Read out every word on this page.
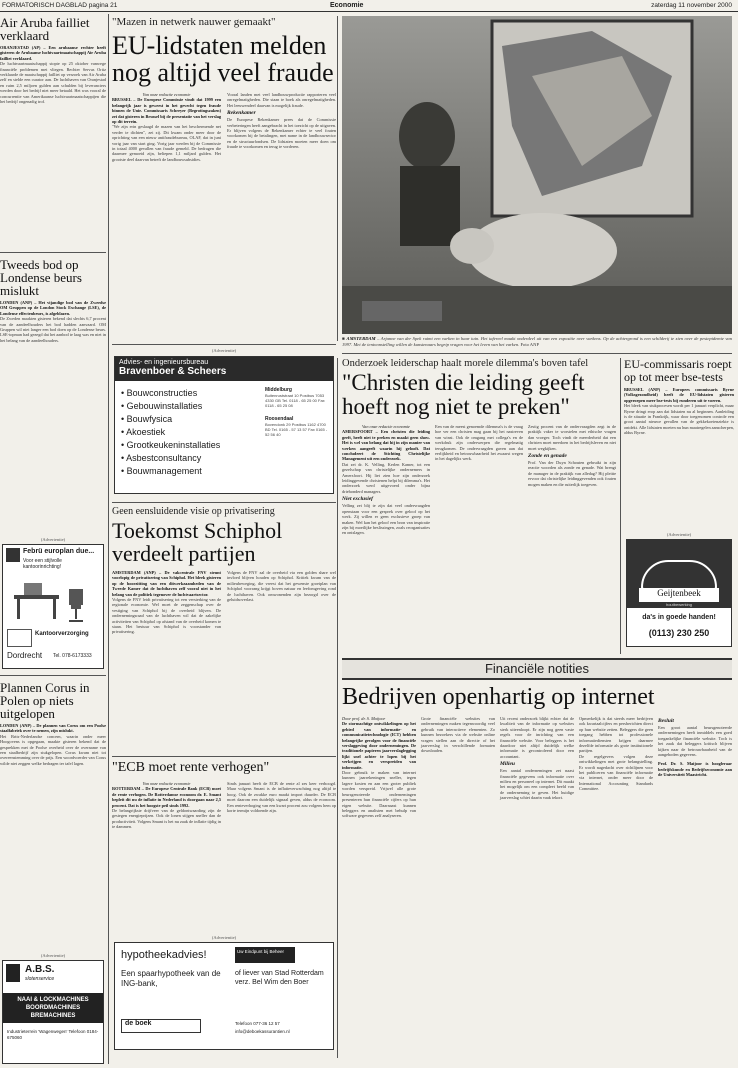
FORMATORISCH DAGBLAD pagina 21	Economie	zaterdag 11 november 2000
Air Aruba failliet verklaard
ORANJESTAD (AP) – Een arubaanse rechter heeft gisteren de Arubaanse luchtvaartmaatschappij Air Aruba failliet verklaard.
De luchtvaartmaatschappij stopte op 25 oktober vanwege financiële problemen met vliegen. Rechter Servus Ortiz verklaarde de maatschappij failliet op verzoek van Air Aruba zelf en stelde een curator aan. De luchthaven van Oranjestad en ruim 2,5 miljoen gulden aan schulden bij leveranciers werden door het bedrijf niet meer betaald. Het was vooral de concurrentie van Amerikaanse luchtvaartmaatschappijen die het bedrijf ongenadig trof.
Tweeds bod op Londense beurs mislukt
LONDEN (ANP) – Het vijandige bod van de Zweedse OM Gruppen op de London Stock Exchange (LSE), de Londense effectenbeurs, is afgeblazen.
De Zweden maakten gisteren bekend dat slechts 6,7 procent van de aandeelhouders het bod hadden aanvaard. OM Gruppen wil niet langer een bod doen op de Londense beurs. LSE-topman had gezegd dat het aanbod te laag was en niet in het belang van de aandeelhouders.
(Advertentie)
Febrü europlan due...
Voor een stijlvolle kantoorinrichting!
Kantoorverzorging
Dordrecht Tel. 078-6173333
Plannen Corus in Polen op niets uitgelopen
LONDEN (ANP) – De plannen van Corus om een Poolse staalfabriek over te nemen, zijn mislukt.
Het Brits-Nederlandse concern, waarin onder meer Hoogovens is opgegaan, maakte gisteren bekend dat de gesprekken met de Poolse overheid over de overname van een staalbedrijf zijn stukgelopen. Corus kwam niet tot overeenstemming over de prijs. Een woordvoerder van Corus wilde niet zeggen welke bedragen ter tafel lagen.
(Advertentie)
A.B.S.
slotenservice
NAAI & LOCKMACHINES BOORDMACHINES BREMACHINES
Industrieterrein 'Wagenwegen' Telefoon 0184-675060
"Mazen in netwerk nauwer gemaakt"
EU-lidstaten melden nog altijd veel fraude
Van onze redactie economie
BRUSSEL – De Europese Commissie vindt dat 1999 een belangrijk jaar is geweest in het gevecht tegen fraude binnen de Unie. Commissaris Schreyer (Begrotingszaken) zei dat gisteren in Brussel bij de presentatie van het verslag op dit terrein.
"We zijn erin geslaagd de mazen van het beschermende net verder te dichten", zei zij. Dit kwam onder meer door de oprichting van een nieuw antifraudebureau, OLAF, dat in juni vorig jaar van start ging. Vorig jaar werden bij de Commissie in totaal 4000 gevallen van fraude gemeld. De bedragen die daarmee gemoeid zijn, beliepen 1,1 miljard gulden. Het grootste deel daarvan betreft de landbouwsubsidies.
Vooral landen met veel landbouwproductie rapporteren veel onregelmatigheden. Die staan te boek als onregelmatigheden. Het leeuwendeel daarvan is mogelijk fraude.
Rekenkamer
De Europese Rekenkamer prees dat de Commissie verbeteringen heeft aangebracht in het toezicht op de uitgaven. Er blijven volgens de Rekenkamer echter te veel fouten voorkomen bij de betalingen, met name in de landbouwsector en de structuurfondsen. De lidstaten moeten meer doen om fraude te voorkomen en terug te vorderen.
■ AMSTERDAM – Arjanne van der Spek ruimt een varken in haar tuin. Het tafereel maakt onderdeel uit van een expositie over varkens. Op de achtergrond is een schilderij te zien over de pestepidemie van 1997. Met de tentoonstelling willen de kunstenaars begrip vragen voor het leven van het varken. Foto ANP
(Advertentie)
Advies- en ingenieursbureau
Bravenboer & Scheers
• Bouwconstructies
• Gebouwinstallaties
• Bouwfysica
• Akoestiek
• Grootkeukeninstallaties
• Asbestconsultancy
• Bouwmanagement
Middelburg
Buitenruststraat 10 Postbus 7053 4330 GB Tel. 0118 - 65 25 00 Fax 0118 - 65 25 08
Roosendaal
Bovendonk 29 Postbus 1162 4700 BD Tel. 0165 - 57 13 57 Fax 0165 - 52 56 40
Geen eensluidende visie op privatisering
Toekomst Schiphol verdeelt partijen
AMSTERDAM (ANP) – De vakcentrale FNV steunt voorlopig de privatisering van Schiphol. Het bleek gisteren op de hoorzitting van een ditwerkzaamheden van de Tweede Kamer dat de luchthaven zelf vooral niet in het belang van de politiek tegenover de luchtvaartsector.
Volgens de FNV leidt privatisering tot een versterking van de regionale economie. Wel moet de zeggenschap over de vestiging van Schiphol bij de overheid blijven. De ondernemingsraad van de luchthaven wil dat de zakelijke activiteiten van Schiphol op afstand van de overheid komen te staan. Het bestuur van Schiphol is voorstander van privatisering.
Volgens de FNV zal de overheid via een golden share wel invloed blijven houden op Schiphol. Kritiek kwam van de milieubeweging, die vreest dat het gewenste groeiplan van Schiphol voorrang krijgt boven natuur en leefomgeving rond de luchthaven. Ook omwonenden zijn bezorgd over de geluidsoverlast.
"ECB moet rente verhogen"
Van onze redactie economie
ROTTERDAM – De Europese Centrale Bank (ECB) moet de rente verhogen. De Rotterdamse econoom dr. E. Smant bepleit dit nu de inflatie in Nederland is doorgaan naar 2,5 procent. Dat is het hoogste peil sinds 1992.
De belangrijkste drijfveer van de geldontwaarding zijn de gestegen energieprijzen. Ook de lonen stijgen sneller dan de productiviteit. Volgens Smant is het nu zaak de inflatie tijdig in te dammen.
Sinds januari heeft de ECB de rente al zes keer verhoogd. Maar volgens Smant is de inflatieverwachting nog altijd te hoog. Ook de zwakke euro maakt import duurder. De ECB moet daarom een duidelijk signaal geven, aldus de econoom. Een renteverhoging van een kwart procent zou volgens hem op korte termijn voldoende zijn.
(Advertentie)
hypotheekadvies!
Een spaarhypotheek van de ING-bank,
Uw Eindpunt bij Beheer
of liever van Stad Rotterdam verz. Bel Wim den Boer
de boek	Telefoon 077-36 12 57
info@deboekassurantien.nl
Onderzoek leiderschap haalt morele dilemma's boven tafel
"Christen die leiding geeft hoeft nog niet te preken"
Van onze redactie economie
AMERSFOORT – Een christen die leiding geeft, heeft niet te preken en maakt geen show. Het is wel van belang dat hij in zijn manier van werken aangeeft waarin hij gelooft. Dat concludeert de Stichting Christelijke Management uit een onderzoek.
Dat zei dr. K. Velling, Kerlen Kamer, tot een gezelschap van christelijke ondernemers in Amersfoort. Hij liet zien hoe zijn onderzoek leidinggevende christenen helpt bij dilemma's. Het onderzoek werd uitgevoerd onder bijna driehonderd managers.
Niet exclusief
Velling zei blij te zijn dat veel ondervraagden openstaan voor een gesprek over geloof op het werk. Zij willen er geen exclusieve groep van maken. Wel kan het geloof een bron van inspiratie zijn bij moeilijke beslissingen, zoals reorganisaties en ontslagen.
Een van de meest genoemde dilemma's is de vraag hoe ver een christen mag gaan bij het nastreven van winst. Ook de omgang met collega's en de werkdruk zijn onderwerpen die regelmatig terugkomen. De ondervraagden gaven aan dat eerlijkheid en betrouwbaarheid het zwaarst wegen in het dagelijks werk.
Zestig procent van de ondervraagden zegt in de praktijk vaker te worstelen met ethische vragen dan vroeger. Toch vindt de meerderheid dat een christen moet meedoen in het bedrijfsleven en niet moet wegkijken.
Zonde en genade
Prof. Van der Duyn Schouten gebruikt in zijn reactie woorden als zonde en genade. Wat brengt de manager in de praktijk van alledag? Hij pleitte ervoor dat christelijke leidinggevenden ook fouten mogen maken en die ruiterlijk toegeven.
EU-commissaris roept op tot meer bse-tests
BRUSSEL (ANP) – Europees commissaris Byrne (Volksgezondheid) heeft de EU-lidstaten gisteren opgeroepen meer bse-tests bij runderen uit te voeren.
Het bleek van stukprocesen wordt per 1 januari verplicht, maar Byrne dringt erop aan dat lidstaten nu al beginnen. Aanleiding is de situatie in Frankrijk, waar door toegenomen controle een groot aantal nieuwe gevallen van de gekkekoeienziekte is ontdekt. Alle lidstaten moeten nu hun maatregelen aanscherpen, aldus Byrne.
(Advertentie)
Geijtenbeek
houtbewerking
da's in goede handen!
(0113) 230 250
Financiële notities
Bedrijven openhartig op internet
Door prof. dr. S. Maijoor
De stormachtige ontwikkelingen op het gebied van informatie- en communicatietechnologie (ICT) hebben belangrijke gevolgen voor de financiële verslaggeving door ondernemingen. De traditionele papieren jaarverslaglegging lijkt snel achter te lopen bij het verkrijgen en verspreiden van informatie.
Door gebruik te maken van internet kunnen jaarrekeningen sneller, tegen lagere kosten en aan een groter publiek worden verspreid. Vrijwel alle grote beursgenoteerde ondernemingen presenteren hun financiële cijfers op hun eigen website. Daarnaast kunnen beleggers en analisten met behulp van software gegevens zelf analyseren.
Grote financiële websites van ondernemingen maken tegenwoordig veel gebruik van interactieve elementen. Zo kunnen bezoekers via de website online vragen stellen aan de directie of het jaarverslag in verschillende formaten downloaden.
Uit recent onderzoek blijkt echter dat de kwaliteit van de informatie op websites sterk uiteenloopt. Er zijn nog geen vaste regels voor de inrichting van een financiële website. Voor beleggers is het daardoor niet altijd duidelijk welke informatie is gecontroleerd door een accountant.
Milieu
Een aantal ondernemingen zet naast financiële gegevens ook informatie over milieu en personeel op internet. Dit maakt het mogelijk om een compleet beeld van de onderneming te geven. Het huidige jaarverslag schiet daarin vaak tekort.
Opmerkelijk is dat steeds meer bedrijven ook kwartaalcijfers en persberichten direct op hun website zetten. Beleggers die geen toegang hebben tot professionele informatiediensten krijgen daarmee dezelfde informatie als grote institutionele partijen.
De regelgevers volgen deze ontwikkelingen met grote belangstelling. Er wordt nagedacht over richtlijnen voor het publiceren van financiële informatie via internet, onder meer door de International Accounting Standards Committee.
Besluit
Een groot aantal beursgenoteerde ondernemingen heeft inmiddels een goed toegankelijke financiële website. Toch is het zaak dat beleggers kritisch blijven kijken naar de betrouwbaarheid van de aangeboden gegevens.
Prof. Dr. S. Maijoor is hoogleraar bedrijfskunde en Bedrijfseconomie aan de Universiteit Maastricht.
